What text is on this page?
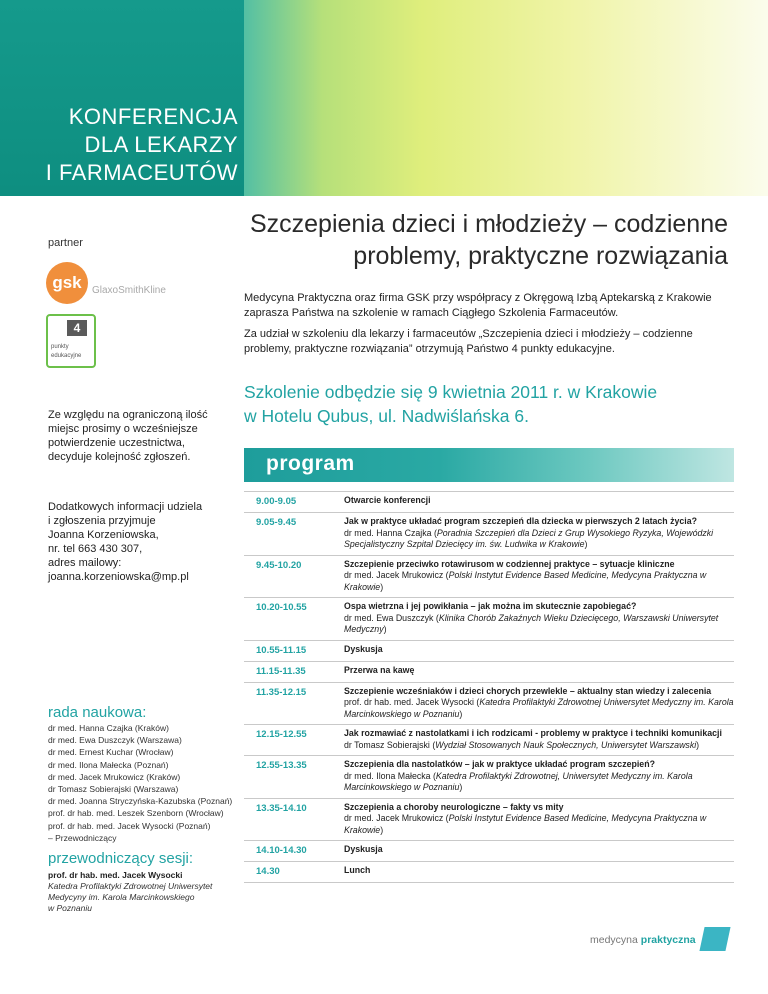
KONFERENCJA
DLA LEKARZY
I FARMACEUTÓW
partner
gsk	GlaxoSmithKline
4
punkty
edukacyjne
Szczepienia dzieci i młodzieży – codzienne
problemy, praktyczne rozwiązania

Medycyna Praktyczna oraz firma GSK przy współpracy z Okręgową Izbą Aptekarską z Krakowie zaprasza Państwa na szkolenie w ramach Ciągłego Szkolenia Farmaceutów.

Za udział w szkoleniu dla lekarzy i farmaceutów „Szczepienia dzieci i młodzieży – codzienne problemy, praktyczne rozwiązania” otrzymują Państwo 4 punkty edukacyjne.

Szkolenie odbędzie się 9 kwietnia 2011 r. w Krakowie
w Hotelu Qubus, ul. Nadwiślańska 6.
Ze względu na ograniczoną ilość miejsc prosimy o wcześniejsze potwierdzenie uczestnictwa, decyduje kolejność zgłoszeń.
Dodatkowych informacji udziela
i zgłoszenia przyjmuje
Joanna Korzeniowska,
nr. tel 663 430 307,
adres mailowy:
joanna.korzeniowska@mp.pl
rada naukowa:
dr med. Hanna Czajka (Kraków)
dr med. Ewa Duszczyk (Warszawa)
dr med. Ernest Kuchar (Wrocław)
dr med. Ilona Małecka (Poznań)
dr med. Jacek Mrukowicz (Kraków)
dr Tomasz Sobierajski (Warszawa)
dr med. Joanna Stryczyńska-Kazubska (Poznań)
prof. dr hab. med. Leszek Szenborn (Wrocław)
prof. dr hab. med. Jacek Wysocki (Poznań)
– Przewodniczący
przewodniczący sesji:
prof. dr hab. med. Jacek Wysocki
Katedra Profilaktyki Zdrowotnej Uniwersytet
Medycyny im. Karola Marcinkowskiego
w Poznaniu
program
9.00-9.05	Otwarcie konferencji
9.05-9.45	Jak w praktyce układać program szczepień dla dziecka w pierwszych 2 latach życia?
dr med. Hanna Czajka (Poradnia Szczepień dla Dzieci z Grup Wysokiego Ryzyka, Wojewódzki Specjalistyczny Szpital Dziecięcy im. św. Ludwika w Krakowie)
9.45-10.20	Szczepienie przeciwko rotawirusom w codziennej praktyce – sytuacje kliniczne
dr med. Jacek Mrukowicz (Polski Instytut Evidence Based Medicine, Medycyna Praktyczna w Krakowie)
10.20-10.55	Ospa wietrzna i jej powikłania – jak można im skutecznie zapobiegać?
dr med. Ewa Duszczyk (Klinika Chorób Zakaźnych Wieku Dziecięcego, Warszawski Uniwersytet Medyczny)
10.55-11.15	Dyskusja
11.15-11.35	Przerwa na kawę
11.35-12.15	Szczepienie wcześniaków i dzieci chorych przewlekle – aktualny stan wiedzy i zalecenia
prof. dr hab. med. Jacek Wysocki (Katedra Profilaktyki Zdrowotnej Uniwersytet Medyczny im. Karola Marcinkowskiego w Poznaniu)
12.15-12.55	Jak rozmawiać z nastolatkami i ich rodzicami - problemy w praktyce i techniki komunikacji
dr Tomasz Sobierajski (Wydział Stosowanych Nauk Społecznych, Uniwersytet Warszawski)
12.55-13.35	Szczepienia dla nastolatków – jak w praktyce układać program szczepień?
dr med. Ilona Małecka (Katedra Profilaktyki Zdrowotnej, Uniwersytet Medyczny im. Karola Marcinkowskiego w Poznaniu)
13.35-14.10	Szczepienia a choroby neurologiczne – fakty vs mity
dr med. Jacek Mrukowicz (Polski Instytut Evidence Based Medicine, Medycyna Praktyczna w Krakowie)
14.10-14.30	Dyskusja
14.30	Lunch
medycyna praktyczna
